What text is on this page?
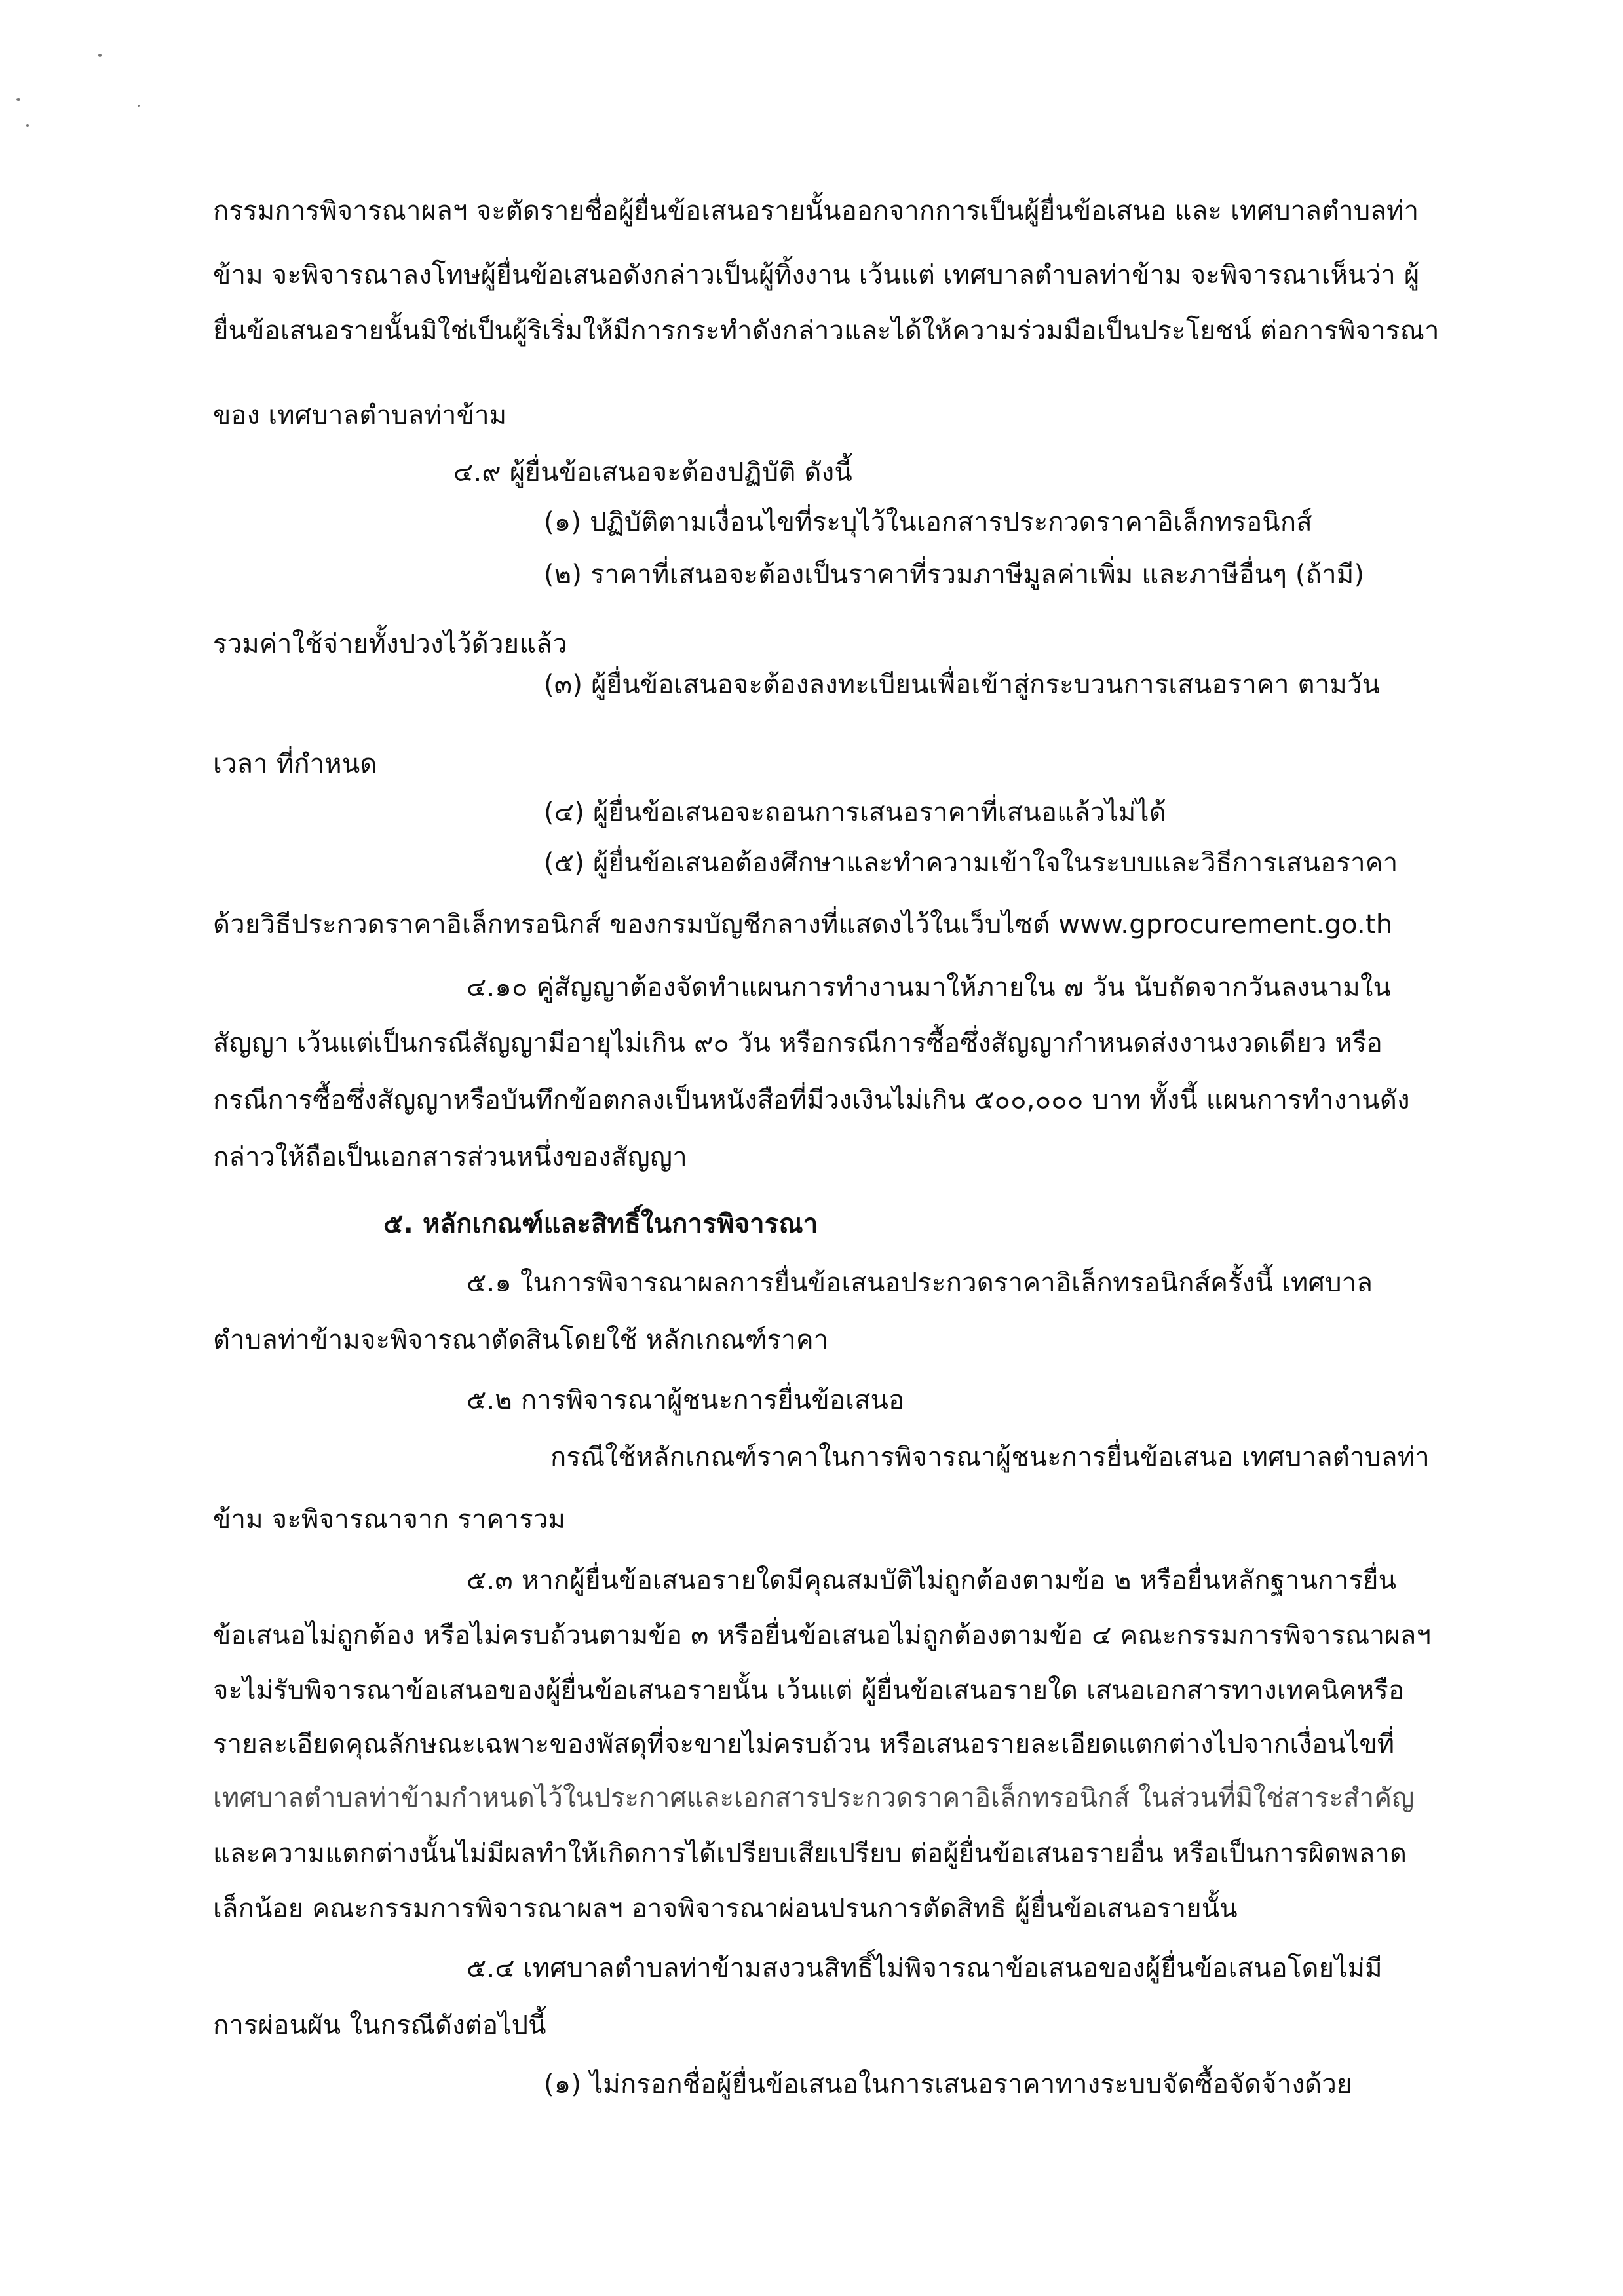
กรรมการพิจารณาผลฯ จะตัดรายชื่อผู้ยื่นข้อเสนอรายนั้นออกจากการเป็นผู้ยื่นข้อเสนอ และ เทศบาลตำบลท่า
ข้าม จะพิจารณาลงโทษผู้ยื่นข้อเสนอดังกล่าวเป็นผู้ทิ้งงาน เว้นแต่ เทศบาลตำบลท่าข้าม จะพิจารณาเห็นว่า ผู้
ยื่นข้อเสนอรายนั้นมิใช่เป็นผู้ริเริ่มให้มีการกระทำดังกล่าวและได้ให้ความร่วมมือเป็นประโยชน์ ต่อการพิจารณา
ของ เทศบาลตำบลท่าข้าม
๔.๙ ผู้ยื่นข้อเสนอจะต้องปฏิบัติ ดังนี้
(๑) ปฏิบัติตามเงื่อนไขที่ระบุไว้ในเอกสารประกวดราคาอิเล็กทรอนิกส์
(๒) ราคาที่เสนอจะต้องเป็นราคาที่รวมภาษีมูลค่าเพิ่ม และภาษีอื่นๆ (ถ้ามี)
รวมค่าใช้จ่ายทั้งปวงไว้ด้วยแล้ว
(๓) ผู้ยื่นข้อเสนอจะต้องลงทะเบียนเพื่อเข้าสู่กระบวนการเสนอราคา ตามวัน
เวลา ที่กำหนด
(๔) ผู้ยื่นข้อเสนอจะถอนการเสนอราคาที่เสนอแล้วไม่ได้
(๕) ผู้ยื่นข้อเสนอต้องศึกษาและทำความเข้าใจในระบบและวิธีการเสนอราคา
ด้วยวิธีประกวดราคาอิเล็กทรอนิกส์ ของกรมบัญชีกลางที่แสดงไว้ในเว็บไซต์ www.gprocurement.go.th
๔.๑๐ คู่สัญญาต้องจัดทำแผนการทำงานมาให้ภายใน ๗ วัน นับถัดจากวันลงนามใน
สัญญา เว้นแต่เป็นกรณีสัญญามีอายุไม่เกิน ๙๐ วัน หรือกรณีการซื้อซึ่งสัญญากำหนดส่งงานงวดเดียว หรือ
กรณีการซื้อซึ่งสัญญาหรือบันทึกข้อตกลงเป็นหนังสือที่มีวงเงินไม่เกิน ๕๐๐,๐๐๐ บาท ทั้งนี้ แผนการทำงานดัง
กล่าวให้ถือเป็นเอกสารส่วนหนึ่งของสัญญา
๕. หลักเกณฑ์และสิทธิ์ในการพิจารณา
๕.๑ ในการพิจารณาผลการยื่นข้อเสนอประกวดราคาอิเล็กทรอนิกส์ครั้งนี้ เทศบาล
ตำบลท่าข้ามจะพิจารณาตัดสินโดยใช้ หลักเกณฑ์ราคา
๕.๒ การพิจารณาผู้ชนะการยื่นข้อเสนอ
กรณีใช้หลักเกณฑ์ราคาในการพิจารณาผู้ชนะการยื่นข้อเสนอ เทศบาลตำบลท่า
ข้าม จะพิจารณาจาก ราคารวม
๕.๓ หากผู้ยื่นข้อเสนอรายใดมีคุณสมบัติไม่ถูกต้องตามข้อ ๒ หรือยื่นหลักฐานการยื่น
ข้อเสนอไม่ถูกต้อง หรือไม่ครบถ้วนตามข้อ ๓ หรือยื่นข้อเสนอไม่ถูกต้องตามข้อ ๔ คณะกรรมการพิจารณาผลฯ
จะไม่รับพิจารณาข้อเสนอของผู้ยื่นข้อเสนอรายนั้น เว้นแต่ ผู้ยื่นข้อเสนอรายใด เสนอเอกสารทางเทคนิคหรือ
รายละเอียดคุณลักษณะเฉพาะของพัสดุที่จะขายไม่ครบถ้วน หรือเสนอรายละเอียดแตกต่างไปจากเงื่อนไขที่
เทศบาลตำบลท่าข้ามกำหนดไว้ในประกาศและเอกสารประกวดราคาอิเล็กทรอนิกส์ ในส่วนที่มิใช่สาระสำคัญ
และความแตกต่างนั้นไม่มีผลทำให้เกิดการได้เปรียบเสียเปรียบ ต่อผู้ยื่นข้อเสนอรายอื่น หรือเป็นการผิดพลาด
เล็กน้อย คณะกรรมการพิจารณาผลฯ อาจพิจารณาผ่อนปรนการตัดสิทธิ ผู้ยื่นข้อเสนอรายนั้น
๕.๔ เทศบาลตำบลท่าข้ามสงวนสิทธิ์ไม่พิจารณาข้อเสนอของผู้ยื่นข้อเสนอโดยไม่มี
การผ่อนผัน ในกรณีดังต่อไปนี้
(๑) ไม่กรอกชื่อผู้ยื่นข้อเสนอในการเสนอราคาทางระบบจัดซื้อจัดจ้างด้วย
